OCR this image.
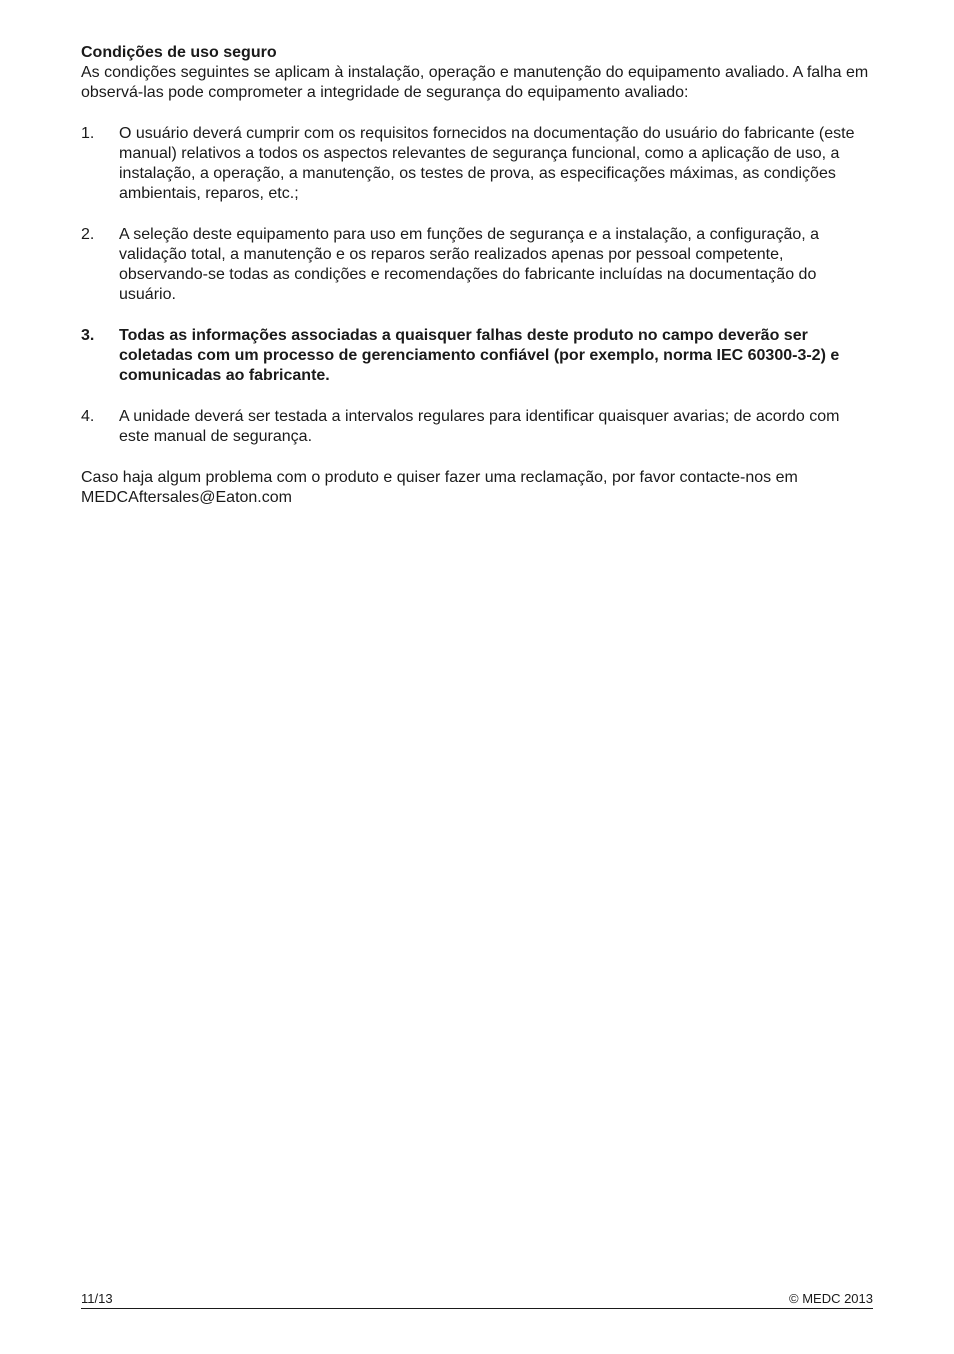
Condições de uso seguro

As condições seguintes se aplicam à instalação, operação e manutenção do equipamento avaliado. A falha em observá-las pode comprometer a integridade de segurança do equipamento avaliado:

1.	O usuário deverá cumprir com os requisitos fornecidos na documentação do usuário do fabricante (este manual) relativos a todos os aspectos relevantes de segurança funcional, como a aplicação de uso, a instalação, a operação, a manutenção, os testes de prova, as especificações máximas, as condições ambientais, reparos, etc.;
2.	A seleção deste equipamento para uso em funções de segurança e a instalação, a configuração, a validação total, a manutenção e os reparos serão realizados apenas por pessoal competente, observando-se todas as condições e recomendações do fabricante incluídas na documentação do usuário.
3.	Todas as informações associadas a quaisquer falhas deste produto no campo deverão ser coletadas com um processo de gerenciamento confiável (por exemplo, norma IEC 60300-3-2) e comunicadas ao fabricante.
4.	A unidade deverá ser testada a intervalos regulares para identificar quaisquer avarias; de acordo com este manual de segurança.

Caso haja algum problema com o produto e quiser fazer uma reclamação, por favor contacte-nos em MEDCAftersales@Eaton.com

11/13	© MEDC 2013
